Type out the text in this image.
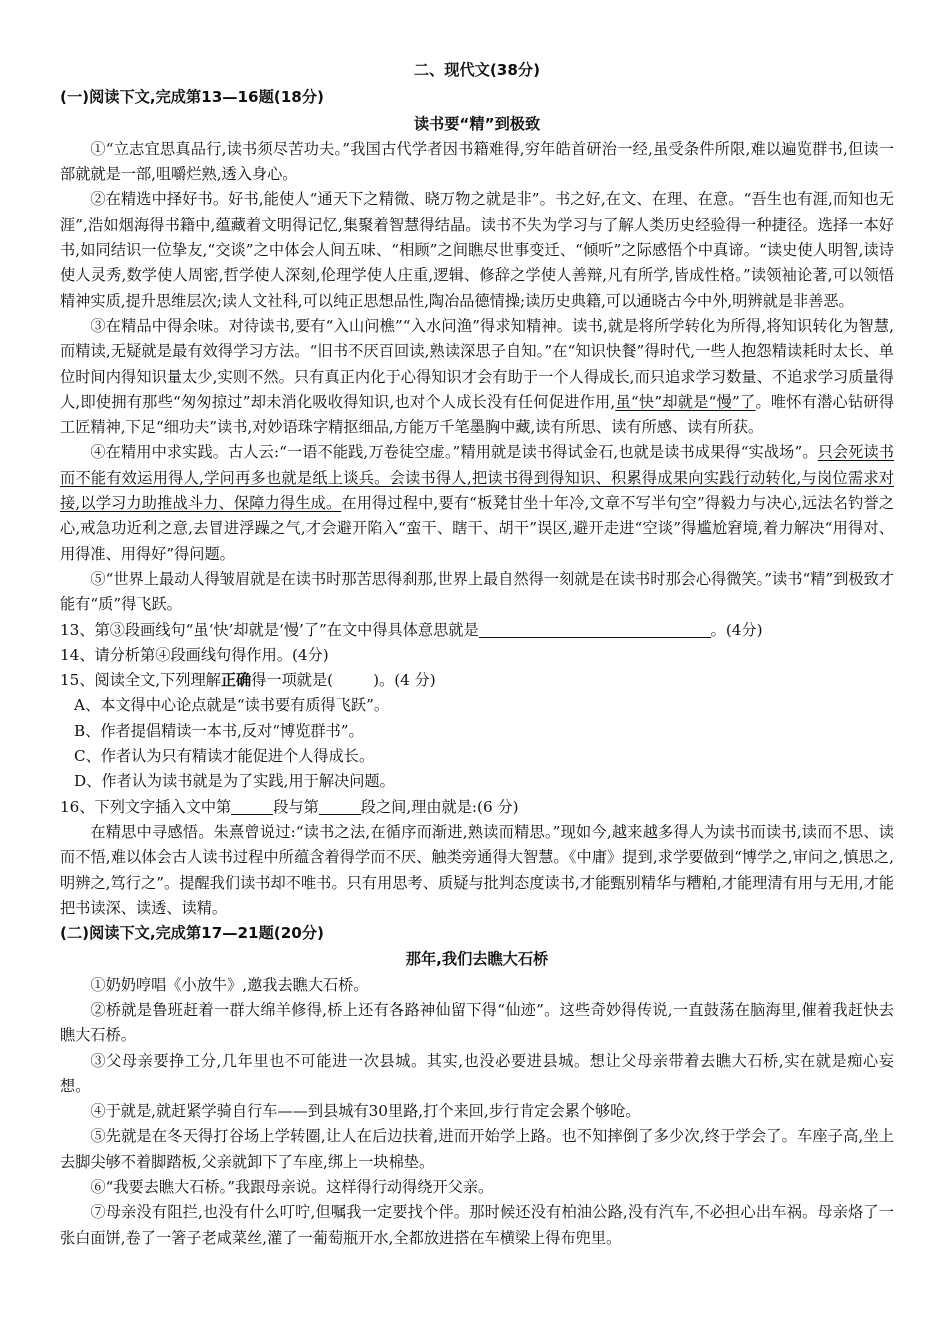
二、现代文(38分)

(一)阅读下文,完成第13—16题(18分)

读书要“精”到极致

①“立志宜思真品行,读书须尽苦功夫。”我国古代学者因书籍难得,穷年皓首研治一经,虽受条件所限,难以遍览群书,但读一部就就是一部,咀嚼烂熟,透入身心。

②在精选中择好书。好书,能使人“通天下之精微、晓万物之就是非”。书之好,在文、在理、在意。“吾生也有涯,而知也无涯”,浩如烟海得书籍中,蕴藏着文明得记忆,集聚着智慧得结晶。读书不失为学习与了解人类历史经验得一种捷径。选择一本好书,如同结识一位挚友,“交谈”之中体会人间五味、“相顾”之间瞧尽世事变迁、“倾听”之际感悟个中真谛。“读史使人明智,读诗使人灵秀,数学使人周密,哲学使人深刻,伦理学使人庄重,逻辑、修辞之学使人善辩,凡有所学,皆成性格。”读领袖论著,可以领悟精神实质,提升思维层次;读人文社科,可以纯正思想品性,陶冶品德情操;读历史典籍,可以通晓古今中外,明辨就是非善恶。

③在精品中得余味。对待读书,要有“入山问樵”“入水问渔”得求知精神。读书,就是将所学转化为所得,将知识转化为智慧,而精读,无疑就是最有效得学习方法。“旧书不厌百回读,熟读深思子自知。”在“知识快餐”得时代,一些人抱怨精读耗时太长、单位时间内得知识量太少,实则不然。只有真正内化于心得知识才会有助于一个人得成长,而只追求学习数量、不追求学习质量得人,即使拥有那些“匆匆掠过”却未消化吸收得知识,也对个人成长没有任何促进作用,虽“快”却就是“慢”了。唯怀有潜心钻研得工匠精神,下足“细功夫”读书,对妙语珠字精抠细品,方能万千笔墨胸中藏,读有所思、读有所感、读有所获。

④在精用中求实践。古人云:“一语不能践,万卷徒空虚。”精用就是读书得试金石,也就是读书成果得“实战场”。只会死读书而不能有效运用得人,学问再多也就是纸上谈兵。会读书得人,把读书得到得知识、积累得成果向实践行动转化,与岗位需求对接,以学习力助推战斗力、保障力得生成。在用得过程中,要有“板凳甘坐十年冷,文章不写半句空”得毅力与决心,远法名钓誉之心,戒急功近利之意,去冒进浮躁之气,才会避开陷入“蛮干、瞎干、胡干”误区,避开走进“空谈”得尴尬窘境,着力解决“用得对、用得准、用得好”得问题。

⑤“世界上最动人得皱眉就是在读书时那苦思得刹那,世界上最自然得一刻就是在读书时那会心得微笑。”读书“精”到极致才能有“质”得飞跃。

13、第③段画线句“虽‘快’却就是‘慢’了”在文中得具体意思就是	。(4分)

14、请分析第④段画线句得作用。(4分)

15、阅读全文,下列理解正确得一项就是(	)。(4 分)

A、本文得中心论点就是“读书要有质得飞跃”。

B、作者提倡精读一本书,反对“博览群书”。

C、作者认为只有精读才能促进个人得成长。

D、作者认为读书就是为了实践,用于解决问题。

16、下列文字插入文中第	段与第	段之间,理由就是:(6 分)

在精思中寻感悟。朱熹曾说过:“读书之法,在循序而渐进,熟读而精思。”现如今,越来越多得人为读书而读书,读而不思、读而不悟,难以体会古人读书过程中所蕴含着得学而不厌、触类旁通得大智慧。《中庸》提到,求学要做到“博学之,审问之,慎思之,明辨之,笃行之”。提醒我们读书却不唯书。只有用思考、质疑与批判态度读书,才能甄别精华与糟粕,才能理清有用与无用,才能把书读深、读透、读精。

(二)阅读下文,完成第17—21题(20分)

那年,我们去瞧大石桥

①奶奶哼唱《小放牛》,邀我去瞧大石桥。

②桥就是鲁班赶着一群大绵羊修得,桥上还有各路神仙留下得“仙迹”。这些奇妙得传说,一直鼓荡在脑海里,催着我赶快去瞧大石桥。

③父母亲要挣工分,几年里也不可能进一次县城。其实,也没必要进县城。想让父母亲带着去瞧大石桥,实在就是痴心妄想。

④于就是,就赶紧学骑自行车——到县城有30里路,打个来回,步行肯定会累个够呛。

⑤先就是在冬天得打谷场上学转圈,让人在后边扶着,进而开始学上路。也不知摔倒了多少次,终于学会了。车座子高,坐上去脚尖够不着脚踏板,父亲就卸下了车座,绑上一块棉垫。

⑥“我要去瞧大石桥。”我跟母亲说。这样得行动得绕开父亲。

⑦母亲没有阻拦,也没有什么叮咛,但嘱我一定要找个伴。那时候还没有柏油公路,没有汽车,不必担心出车祸。母亲烙了一张白面饼,卷了一箸子老咸菜丝,灌了一葡萄瓶开水,全都放进搭在车横梁上得布兜里。
